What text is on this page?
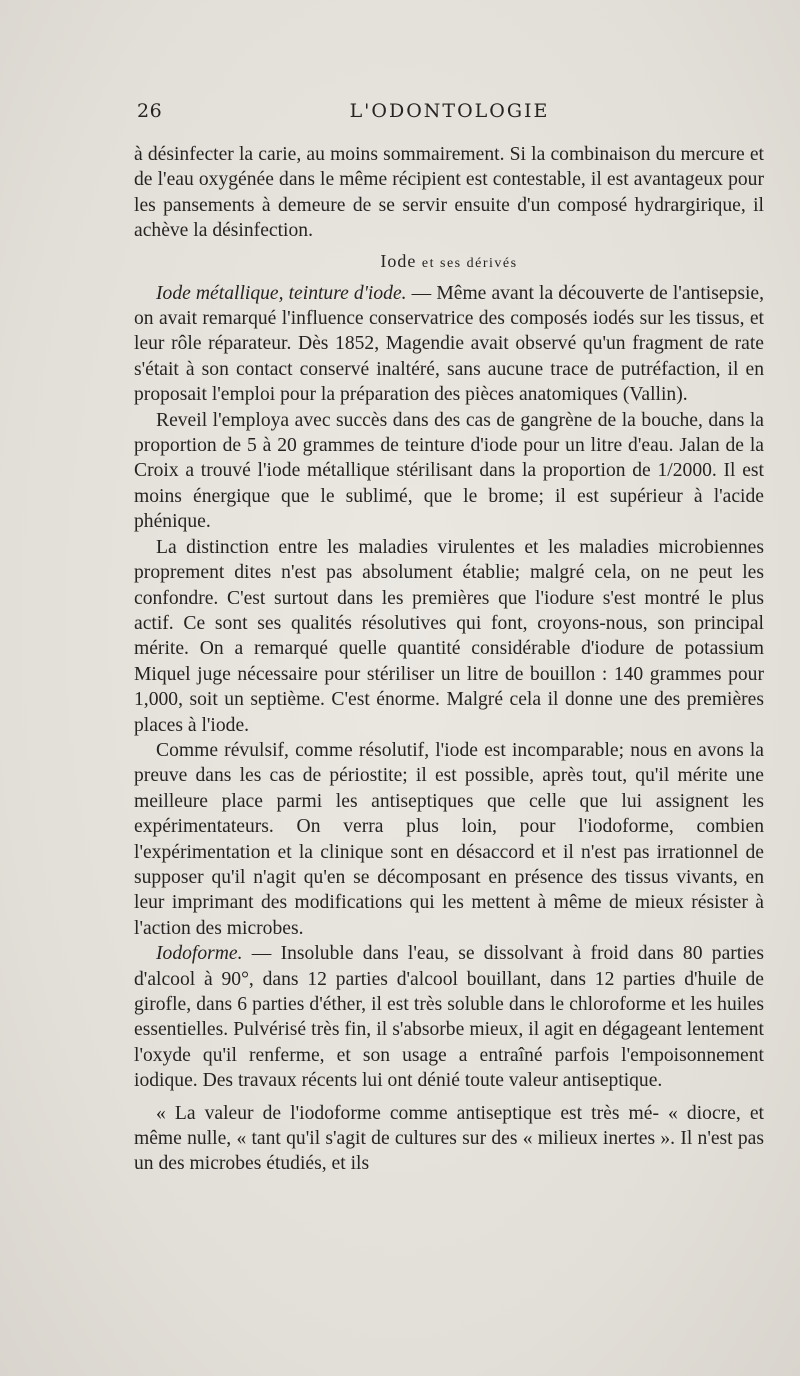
26	L'ODONTOLOGIE

à désinfecter la carie, au moins sommairement. Si la combinaison du mercure et de l'eau oxygénée dans le même récipient est contestable, il est avantageux pour les pansements à demeure de se servir ensuite d'un composé hydrargirique, il achève la désinfection.

Iode et ses dérivés

Iode métallique, teinture d'iode. — Même avant la découverte de l'antisepsie, on avait remarqué l'influence conservatrice des composés iodés sur les tissus, et leur rôle réparateur. Dès 1852, Magendie avait observé qu'un fragment de rate s'était à son contact conservé inaltéré, sans aucune trace de putréfaction, il en proposait l'emploi pour la préparation des pièces anatomiques (Vallin).

Reveil l'employa avec succès dans des cas de gangrène de la bouche, dans la proportion de 5 à 20 grammes de teinture d'iode pour un litre d'eau. Jalan de la Croix a trouvé l'iode métallique stérilisant dans la proportion de 1/2000. Il est moins énergique que le sublimé, que le brome; il est supérieur à l'acide phénique.

La distinction entre les maladies virulentes et les maladies microbiennes proprement dites n'est pas absolument établie; malgré cela, on ne peut les confondre. C'est surtout dans les premières que l'iodure s'est montré le plus actif. Ce sont ses qualités résolutives qui font, croyons-nous, son principal mérite. On a remarqué quelle quantité considérable d'iodure de potassium Miquel juge nécessaire pour stériliser un litre de bouillon : 140 grammes pour 1,000, soit un septième. C'est énorme. Malgré cela il donne une des premières places à l'iode.

Comme révulsif, comme résolutif, l'iode est incomparable; nous en avons la preuve dans les cas de périostite; il est possible, après tout, qu'il mérite une meilleure place parmi les antiseptiques que celle que lui assignent les expérimentateurs. On verra plus loin, pour l'iodoforme, combien l'expérimentation et la clinique sont en désaccord et il n'est pas irrationnel de supposer qu'il n'agit qu'en se décomposant en présence des tissus vivants, en leur imprimant des modifications qui les mettent à même de mieux résister à l'action des microbes.

Iodoforme. — Insoluble dans l'eau, se dissolvant à froid dans 80 parties d'alcool à 90°, dans 12 parties d'alcool bouillant, dans 12 parties d'huile de girofle, dans 6 parties d'éther, il est très soluble dans le chloroforme et les huiles essentielles. Pulvérisé très fin, il s'absorbe mieux, il agit en dégageant lentement l'oxyde qu'il renferme, et son usage a entraîné parfois l'empoisonnement iodique. Des travaux récents lui ont dénié toute valeur antiseptique.

« La valeur de l'iodoforme comme antiseptique est très mé- « diocre, et même nulle, « tant qu'il s'agit de cultures sur des « milieux inertes ». Il n'est pas un des microbes étudiés, et ils
